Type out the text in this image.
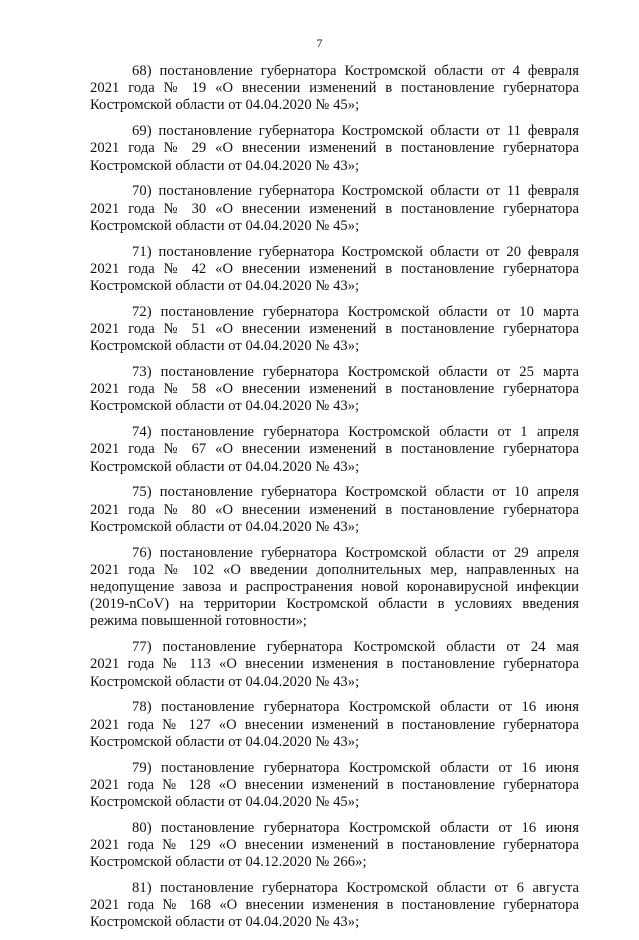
7

68) постановление губернатора Костромской области от 4 февраля
2021 года № 19 «О внесении изменений в постановление губернатора
Костромской области от 04.04.2020 № 45»;

69) постановление губернатора Костромской области от 11 февраля
2021 года № 29 «О внесении изменений в постановление губернатора
Костромской области от 04.04.2020 № 43»;

70) постановление губернатора Костромской области от 11 февраля
2021 года № 30 «О внесении изменений в постановление губернатора
Костромской области от 04.04.2020 № 45»;

71) постановление губернатора Костромской области от 20 февраля
2021 года № 42 «О внесении изменений в постановление губернатора
Костромской области от 04.04.2020 № 43»;

72) постановление губернатора Костромской области от 10 марта
2021 года № 51 «О внесении изменений в постановление губернатора
Костромской области от 04.04.2020 № 43»;

73) постановление губернатора Костромской области от 25 марта
2021 года № 58 «О внесении изменений в постановление губернатора
Костромской области от 04.04.2020 № 43»;

74) постановление губернатора Костромской области от 1 апреля
2021 года № 67 «О внесении изменений в постановление губернатора
Костромской области от 04.04.2020 № 43»;

75) постановление губернатора Костромской области от 10 апреля
2021 года № 80 «О внесении изменений в постановление губернатора
Костромской области от 04.04.2020 № 43»;

76) постановление губернатора Костромской области от 29 апреля
2021 года № 102 «О введении дополнительных мер, направленных на
недопущение завоза и распространения новой коронавирусной инфекции
(2019-nCoV) на территории Костромской области в условиях введения
режима повышенной готовности»;

77) постановление губернатора Костромской области от 24 мая
2021 года № 113 «О внесении изменения в постановление губернатора
Костромской области от 04.04.2020 № 43»;

78) постановление губернатора Костромской области от 16 июня
2021 года № 127 «О внесении изменений в постановление губернатора
Костромской области от 04.04.2020 № 43»;

79) постановление губернатора Костромской области от 16 июня
2021 года № 128 «О внесении изменений в постановление губернатора
Костромской области от 04.04.2020 № 45»;

80) постановление губернатора Костромской области от 16 июня
2021 года № 129 «О внесении изменений в постановление губернатора
Костромской области от 04.12.2020 № 266»;

81) постановление губернатора Костромской области от 6 августа
2021 года № 168 «О внесении изменения в постановление губернатора
Костромской области от 04.04.2020 № 43»;
